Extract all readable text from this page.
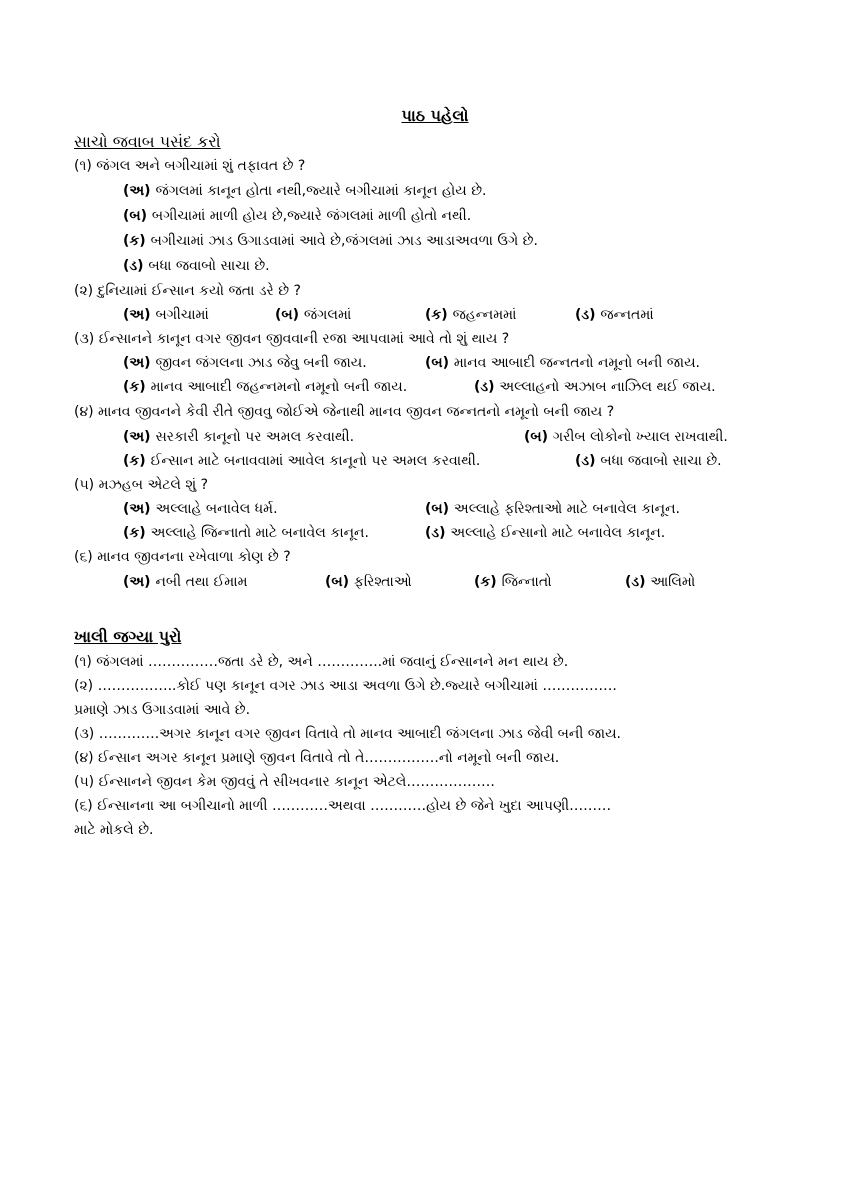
પાઠ પહેલો
સાચો જવાબ પસંદ કરો
(૧) જંગલ અને બગીચામાં શું તફાવત છે ?
(અ) જંગલમાં કાનૂન હોતા નથી,જ્યારે બગીચામાં કાનૂન હોય છે.
(બ) બગીચામાં માળી હોય છે,જ્યારે જંગલમાં માળી હોતો નથી.
(ક) બગીચામાં ઝાડ ઉગાડવામાં આવે છે,જંગલમાં ઝાડ આડાઅવળા ઉગે છે.
(ડ) બધા જવાબો સાચા છે.
(૨) દુનિયામાં ઈન્સાન કયો જતા ડરે છે ?
(અ) બગીચામાં	(બ) જંગલમાં	(ક) જહન્નમમાં	(ડ) જન્નતમાં
(૩) ઈન્સાનને કાનૂન વગર જીવન જીવવાની રજા આપવામાં આવે તો શું થાય ?
(અ) જીવન જંગલના ઝાડ જેવુ બની જાય.	(બ) માનવ આબાદી જન્નતનો નમૂનો બની જાય.
(ક) માનવ આબાદી જહન્નમનો નમૂનો બની જાય.	(ડ) અલ્લાહનો અઝાબ નાઝિલ થઈ જાય.
(૪) માનવ જીવનને કેવી રીતે જીવવુ જોઈએ જેનાથી માનવ જીવન જન્નતનો નમૂનો બની જાય ?
(અ) સરકારી કાનૂનો પર અમલ કરવાથી.	(બ) ગરીબ લોકોનો ખ્યાલ રાખવાથી.
(ક) ઈન્સાન માટે બનાવવામાં આવેલ કાનૂનો પર અમલ કરવાથી.	(ડ) બધા જવાબો સાચા છે.
(૫) મઝહબ એટલે શું ?
(અ) અલ્લાહે બનાવેલ ધર્મ.	(બ) અલ્લાહે ફરિશ્તાઓ માટે બનાવેલ કાનૂન.
(ક) અલ્લાહે જિન્નાતો માટે બનાવેલ કાનૂન.	(ડ) અલ્લાહે ઈન્સાનો માટે બનાવેલ કાનૂન.
(૬) માનવ જીવનના રખેવાળા કોણ છે ?
(અ) નબી તથા ઈમામ	(બ) ફરિશ્તાઓ	(ક) જિન્નાતો	(ડ) આલિમો
ખાલી જગ્યા પુરો
(૧) જંગલમાં ……………જતા ડરે છે, અને …………..માં જવાનું ઈન્સાનને મન થાય છે.
(૨) ……………..કોઈ પણ કાનૂન વગર ઝાડ આડા અવળા ઉગે છે.જ્યારે બગીચામાં …………….
પ્રમાણે ઝાડ ઉગાડવામાં આવે છે.
(૩) ………….અગર કાનૂન વગર જીવન વિતાવે તો માનવ આબાદી જંગલના ઝાડ જેવી બની જાય.
(૪) ઈન્સાન અગર કાનૂન પ્રમાણે જીવન વિતાવે તો તે…………….નો નમૂનો બની જાય.
(૫) ઈન્સાનને જીવન કેમ જીવવું તે સીખવનાર કાનૂન એટલે……………….
(૬) ઈન્સાનના આ બગીચાનો માળી …………અથવા …………હોય છે જેને ખુદા આપણી………
માટે મોકલે છે.
